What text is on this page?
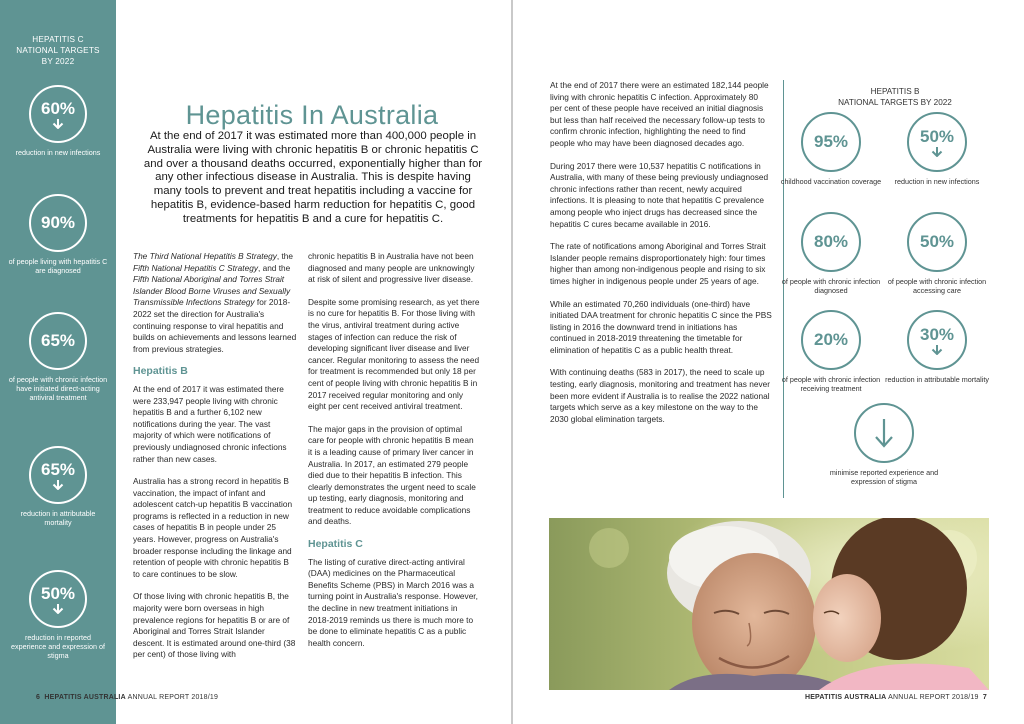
HEPATITIS C
NATIONAL TARGETS
BY 2022
60%
reduction in new infections
90%
of people living with hepatitis C are diagnosed
65%
of people with chronic infection have initiated direct-acting antiviral treatment
65%
reduction in attributable mortality
50%
reduction in reported experience and expression of stigma
Hepatitis In Australia
At the end of 2017 it was estimated more than 400,000 people in Australia were living with chronic hepatitis B or chronic hepatitis C and over a thousand deaths occurred, exponentially higher than for any other infectious disease in Australia. This is despite having many tools to prevent and treat hepatitis including a vaccine for hepatitis B, evidence-based harm reduction for hepatitis C, good treatments for hepatitis B and a cure for hepatitis C.

The Third National Hepatitis B Strategy, the Fifth National Hepatitis C Strategy, and the Fifth National Aboriginal and Torres Strait Islander Blood Borne Viruses and Sexually Transmissible Infections Strategy for 2018-2022 set the direction for Australia's continuing response to viral hepatitis and builds on achievements and lessons learned from previous strategies.

Hepatitis B

At the end of 2017 it was estimated there were 233,947 people living with chronic hepatitis B and a further 6,102 new notifications during the year. The vast majority of which were notifications of previously undiagnosed chronic infections rather than new cases.

Australia has a strong record in hepatitis B vaccination, the impact of infant and adolescent catch-up hepatitis B vaccination programs is reflected in a reduction in new cases of hepatitis B in people under 25 years. However, progress on Australia's broader response including the linkage and retention of people with chronic hepatitis B to care continues to be slow.

Of those living with chronic hepatitis B, the majority were born overseas in high prevalence regions for hepatitis B or are of Aboriginal and Torres Strait Islander descent. It is estimated around one-third (38 per cent) of those living with

chronic hepatitis B in Australia have not been diagnosed and many people are unknowingly at risk of silent and progressive liver disease.

Despite some promising research, as yet there is no cure for hepatitis B. For those living with the virus, antiviral treatment during active stages of infection can reduce the risk of developing significant liver disease and liver cancer. Regular monitoring to assess the need for treatment is recommended but only 18 per cent of people living with chronic hepatitis B in 2017 received regular monitoring and only eight per cent received antiviral treatment.

The major gaps in the provision of optimal care for people with chronic hepatitis B mean it is a leading cause of primary liver cancer in Australia. In 2017, an estimated 279 people died due to their hepatitis B infection. This clearly demonstrates the urgent need to scale up testing, early diagnosis, monitoring and treatment to reduce avoidable complications and deaths.

Hepatitis C

The listing of curative direct-acting antiviral (DAA) medicines on the Pharmaceutical Benefits Scheme (PBS) in March 2016 was a turning point in Australia's response. However, the decline in new treatment initiations in 2018-2019 reminds us there is much more to be done to eliminate hepatitis C as a public health concern.

6 HEPATITIS AUSTRALIA ANNUAL REPORT 2018/19

At the end of 2017 there were an estimated 182,144 people living with chronic hepatitis C infection. Approximately 80 per cent of these people have received an initial diagnosis but less than half received the necessary follow-up tests to confirm chronic infection, highlighting the need to find people who may have been diagnosed decades ago.

During 2017 there were 10,537 hepatitis C notifications in Australia, with many of these being previously undiagnosed chronic infections rather than recent, newly acquired infections. It is pleasing to note that hepatitis C prevalence among people who inject drugs has decreased since the hepatitis C cures became available in 2016.

The rate of notifications among Aboriginal and Torres Strait Islander people remains disproportionately high: four times higher than among non-indigenous people and rising to six times higher in indigenous people under 25 years of age.

While an estimated 70,260 individuals (one-third) have initiated DAA treatment for chronic hepatitis C since the PBS listing in 2016 the downward trend in initiations has continued in 2018-2019 threatening the timetable for elimination of hepatitis C as a public health threat.

With continuing deaths (583 in 2017), the need to scale up testing, early diagnosis, monitoring and treatment has never been more evident if Australia is to realise the 2022 national targets which serve as a key milestone on the way to the 2030 global elimination targets.

HEPATITIS B
NATIONAL TARGETS BY 2022
95%
childhood vaccination coverage
50%
reduction in new infections
80%
of people with chronic infection diagnosed
50%
of people with chronic infection accessing care
20%
of people with chronic infection receiving treatment
30%
reduction in attributable mortality
minimise reported experience and expression of stigma
HEPATITIS AUSTRALIA ANNUAL REPORT 2018/19 7
